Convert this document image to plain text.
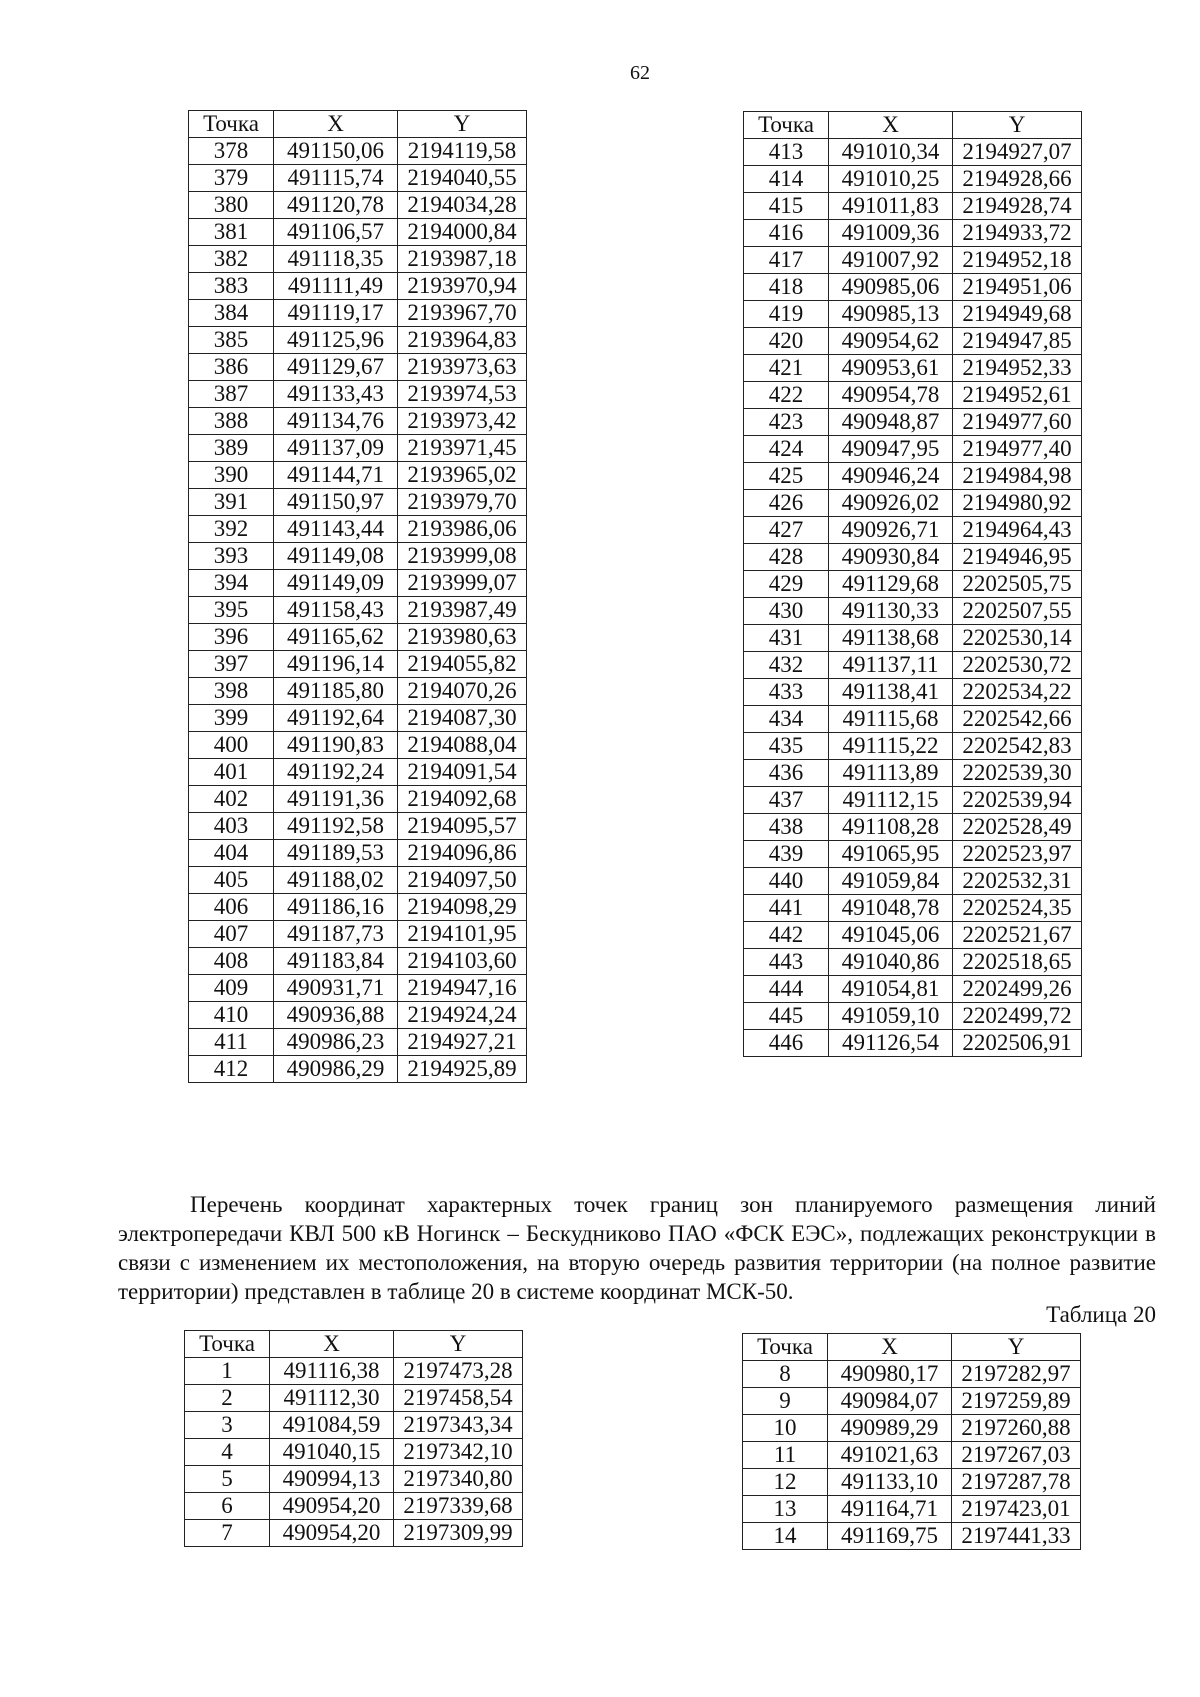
62
Точка	X	Y
378	491150,06	2194119,58
379	491115,74	2194040,55
380	491120,78	2194034,28
381	491106,57	2194000,84
382	491118,35	2193987,18
383	491111,49	2193970,94
384	491119,17	2193967,70
385	491125,96	2193964,83
386	491129,67	2193973,63
387	491133,43	2193974,53
388	491134,76	2193973,42
389	491137,09	2193971,45
390	491144,71	2193965,02
391	491150,97	2193979,70
392	491143,44	2193986,06
393	491149,08	2193999,08
394	491149,09	2193999,07
395	491158,43	2193987,49
396	491165,62	2193980,63
397	491196,14	2194055,82
398	491185,80	2194070,26
399	491192,64	2194087,30
400	491190,83	2194088,04
401	491192,24	2194091,54
402	491191,36	2194092,68
403	491192,58	2194095,57
404	491189,53	2194096,86
405	491188,02	2194097,50
406	491186,16	2194098,29
407	491187,73	2194101,95
408	491183,84	2194103,60
409	490931,71	2194947,16
410	490936,88	2194924,24
411	490986,23	2194927,21
412	490986,29	2194925,89
Точка	X	Y
413	491010,34	2194927,07
414	491010,25	2194928,66
415	491011,83	2194928,74
416	491009,36	2194933,72
417	491007,92	2194952,18
418	490985,06	2194951,06
419	490985,13	2194949,68
420	490954,62	2194947,85
421	490953,61	2194952,33
422	490954,78	2194952,61
423	490948,87	2194977,60
424	490947,95	2194977,40
425	490946,24	2194984,98
426	490926,02	2194980,92
427	490926,71	2194964,43
428	490930,84	2194946,95
429	491129,68	2202505,75
430	491130,33	2202507,55
431	491138,68	2202530,14
432	491137,11	2202530,72
433	491138,41	2202534,22
434	491115,68	2202542,66
435	491115,22	2202542,83
436	491113,89	2202539,30
437	491112,15	2202539,94
438	491108,28	2202528,49
439	491065,95	2202523,97
440	491059,84	2202532,31
441	491048,78	2202524,35
442	491045,06	2202521,67
443	491040,86	2202518,65
444	491054,81	2202499,26
445	491059,10	2202499,72
446	491126,54	2202506,91

Перечень координат характерных точек границ зон планируемого размещения линий электропередачи КВЛ 500 кВ Ногинск – Бескудниково ПАО «ФСК ЕЭС», подлежащих реконструкции в связи с изменением их местоположения, на вторую очередь развития территории (на полное развитие территории) представлен в таблице 20 в системе координат МСК-50.

Таблица 20
Точка	X	Y
1	491116,38	2197473,28
2	491112,30	2197458,54
3	491084,59	2197343,34
4	491040,15	2197342,10
5	490994,13	2197340,80
6	490954,20	2197339,68
7	490954,20	2197309,99
Точка	X	Y
8	490980,17	2197282,97
9	490984,07	2197259,89
10	490989,29	2197260,88
11	491021,63	2197267,03
12	491133,10	2197287,78
13	491164,71	2197423,01
14	491169,75	2197441,33
